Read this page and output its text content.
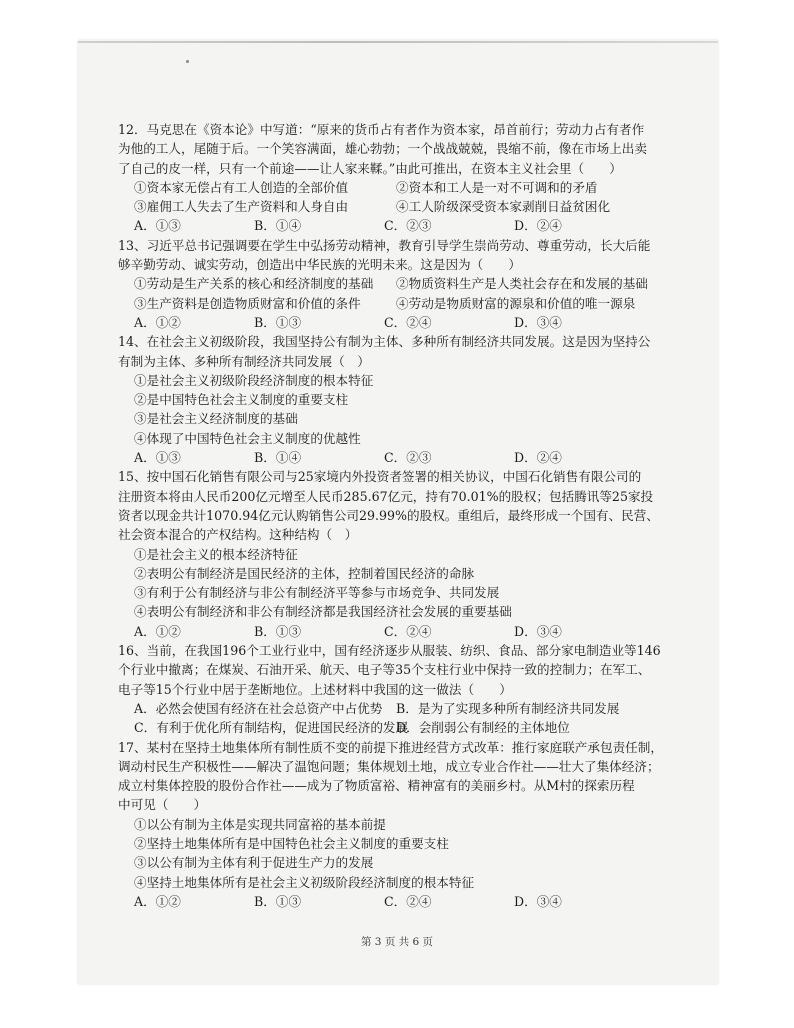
12．马克思在《资本论》中写道：“原来的货币占有者作为资本家，昂首前行；劳动力占有者作

为他的工人，尾随于后。一个笑容满面，雄心勃勃；一个战战兢兢，畏缩不前，像在市场上出卖

了自己的皮一样，只有一个前途——让人家来鞣。”由此可推出，在资本主义社会里（　　）

①资本家无偿占有工人创造的全部价值	②资本和工人是一对不可调和的矛盾
③雇佣工人失去了生产资料和人身自由	④工人阶级深受资本家剥削日益贫困化
A．①③	B．①④	C．②③	D．②④

13、习近平总书记强调要在学生中弘扬劳动精神，教育引导学生崇尚劳动、尊重劳动，长大后能

够辛勤劳动、诚实劳动，创造出中华民族的光明未来。这是因为（　　）

①劳动是生产关系的核心和经济制度的基础	②物质资料生产是人类社会存在和发展的基础
③生产资料是创造物质财富和价值的条件	④劳动是物质财富的源泉和价值的唯一源泉
A．①②	B．①③	C．②④	D．③④

14、在社会主义初级阶段，我国坚持公有制为主体、多种所有制经济共同发展。这是因为坚持公

有制为主体、多种所有制经济共同发展（　）

①是社会主义初级阶段经济制度的根本特征

②是中国特色社会主义制度的重要支柱

③是社会主义经济制度的基础

④体现了中国特色社会主义制度的优越性

A．①③	B．①④	C．②③	D．②④

15、按中国石化销售有限公司与25家境内外投资者签署的相关协议，中国石化销售有限公司的

注册资本将由人民币200亿元增至人民币285.67亿元，持有70.01%的股权；包括腾讯等25家投

资者以现金共计1070.94亿元认购销售公司29.99%的股权。重组后，最终形成一个国有、民营、

社会资本混合的产权结构。这种结构（　）

①是社会主义的根本经济特征

②表明公有制经济是国民经济的主体，控制着国民经济的命脉

③有利于公有制经济与非公有制经济平等参与市场竞争、共同发展

④表明公有制经济和非公有制经济都是我国经济社会发展的重要基础

A．①②	B．①③	C．②④	D．③④

16、当前，在我国196个工业行业中，国有经济逐步从服装、纺织、食品、部分家电制造业等146

个行业中撤离；在煤炭、石油开采、航天、电子等35个支柱行业中保持一致的控制力；在军工、

电子等15个行业中居于垄断地位。上述材料中我国的这一做法（　　）

A．必然会使国有经济在社会总资产中占优势	B．是为了实现多种所有制经济共同发展
C．有利于优化所有制结构，促进国民经济的发展
D．会削弱公有制经的主体地位

17、某村在坚持土地集体所有制性质不变的前提下推进经营方式改革：推行家庭联产承包责任制，

调动村民生产积极性——解决了温饱问题；集体规划土地，成立专业合作社——壮大了集体经济；

成立村集体控股的股份合作社——成为了物质富裕、精神富有的美丽乡村。从M村的探索历程

中可见（　　）

①以公有制为主体是实现共同富裕的基本前提

②坚持土地集体所有是中国特色社会主义制度的重要支柱

③以公有制为主体有利于促进生产力的发展

④坚持土地集体所有是社会主义初级阶段经济制度的根本特征

A．①②	B．①③	C．②④	D．③④
第 3 页 共 6 页
